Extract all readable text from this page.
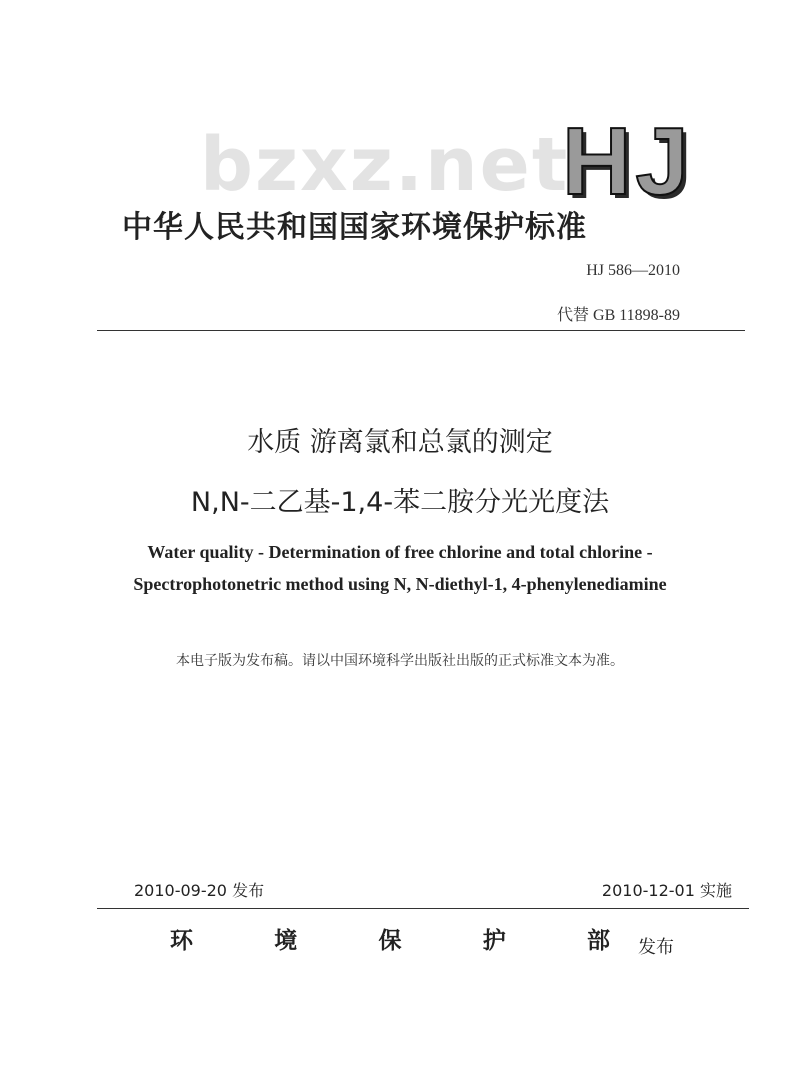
bzxz.net
HJ
中华人民共和国国家环境保护标准
HJ 586—2010
代替 GB 11898-89
水质 游离氯和总氯的测定
N,N-二乙基-1,4-苯二胺分光光度法
Water quality - Determination of free chlorine and total chlorine -
Spectrophotonetric method using N, N-diethyl-1, 4-phenylenediamine
本电子版为发布稿。请以中国环境科学出版社出版的正式标准文本为准。
2010-09-20 发布	2010-12-01 实施
环	境	保	护	部 发布
